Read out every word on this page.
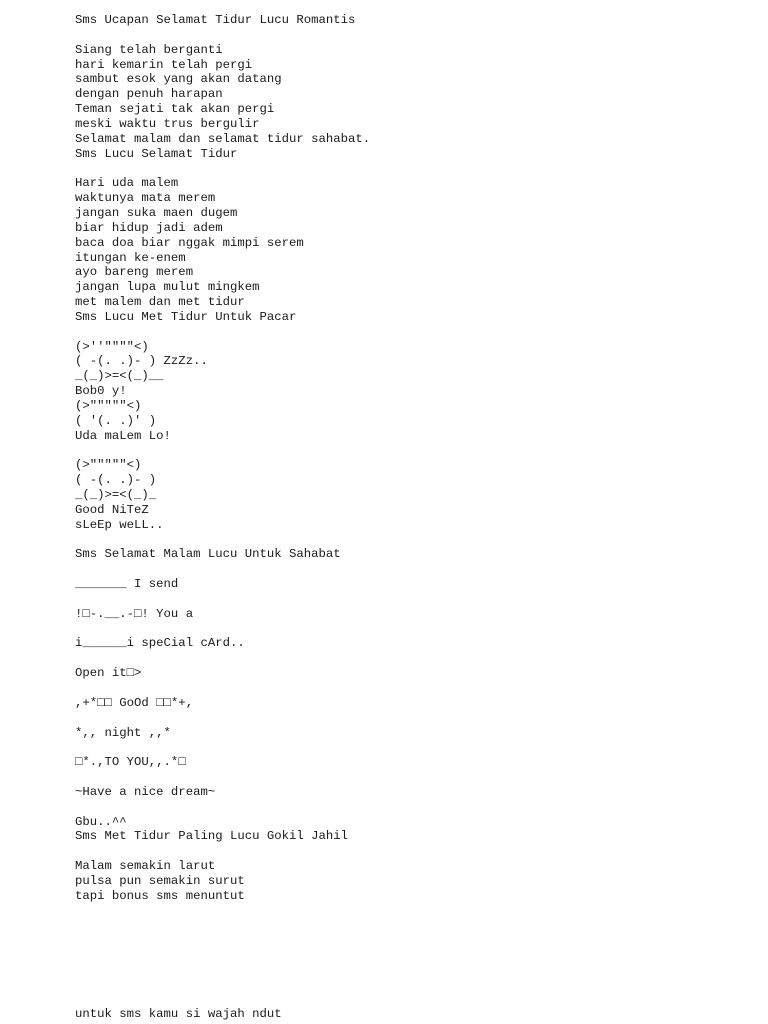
Sms Ucapan Selamat Tidur Lucu Romantis
Siang telah berganti
hari kemarin telah pergi
sambut esok yang akan datang
dengan penuh harapan
Teman sejati tak akan pergi
meski waktu trus bergulir
Selamat malam dan selamat tidur sahabat.
Sms Lucu Selamat Tidur
Hari uda malem
waktunya mata merem
jangan suka maen dugem
biar hidup jadi adem
baca doa biar nggak mimpi serem
itungan ke-enem
ayo bareng merem
jangan lupa mulut mingkem
met malem dan met tidur
Sms Lucu Met Tidur Untuk Pacar
(>''""""<)
( -(. .)- ) ZzZz..
_(_)>=<(_)__
Bob0 y!
(>"""""<)
( '(. .)' )
Uda maLem Lo!
(>"""""<)
( -(. .)- )
_(_)>=<(_)_
Good NiTeZ
sLeEp weLL..
Sms Selamat Malam Lucu Untuk Sahabat
_______ I send
!□-.__.-□! You a
i______i speCial cArd..
Open it□>
,+*□□ GoOd □□*+,
*,, night ,,*
□*.,TO YOU,,.*□
~Have a nice dream~
Gbu..^^
Sms Met Tidur Paling Lucu Gokil Jahil
Malam semakin larut
pulsa pun semakin surut
tapi bonus sms menuntut
untuk sms kamu si wajah ndut
